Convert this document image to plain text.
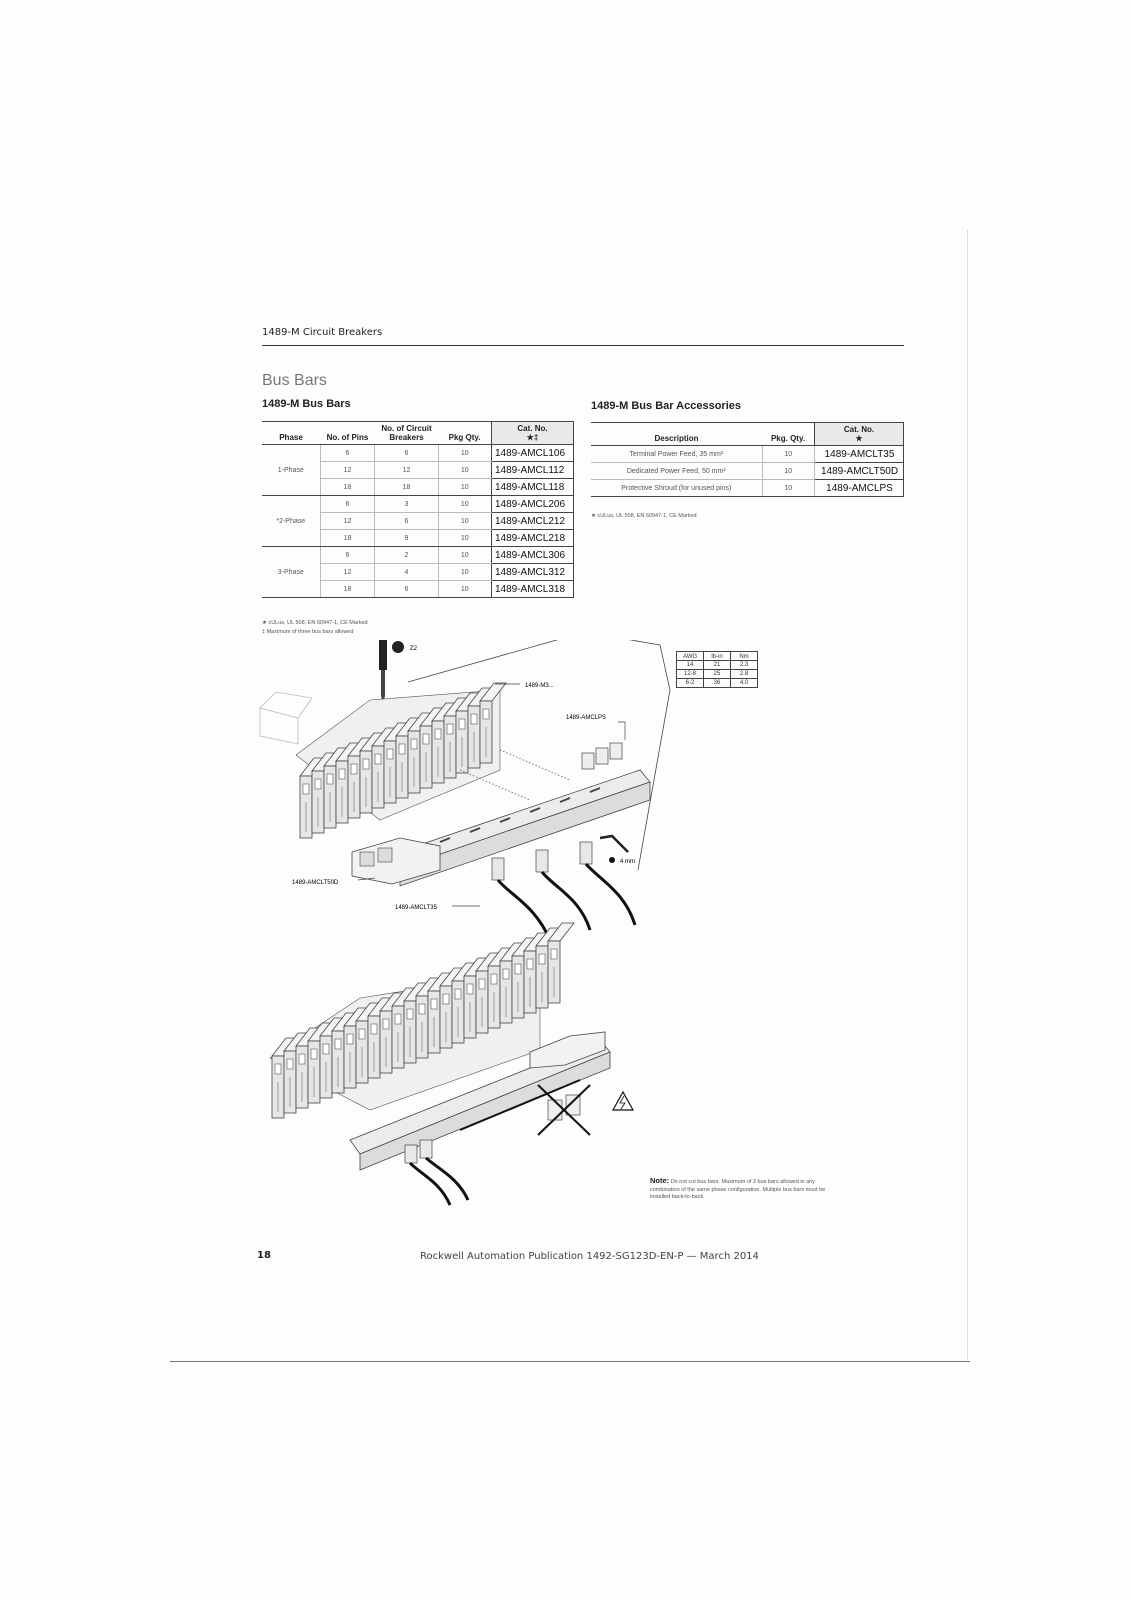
1489-M Circuit Breakers
Bus Bars
1489-M Bus Bars	1489-M Bus Bar Accessories
Phase	No. of Pins	No. of Circuit Breakers	Pkg Qty.	Cat. No.
★‡
1-Phase	6	6	10	1489-AMCL106
	12	12	10	1489-AMCL112
	18	18	10	1489-AMCL118
*2-Phase	6	3	10	1489-AMCL206
	12	6	10	1489-AMCL212
	18	9	10	1489-AMCL218
3-Phase	6	2	10	1489-AMCL306
	12	4	10	1489-AMCL312
	18	6	10	1489-AMCL318
★ cULus, UL 508, EN 60947-1, CE Marked
‡ Maximum of three bus bars allowed
Description	Pkg. Qty.	Cat. No.
★
Terminal Power Feed, 35 mm²	10	1489-AMCLT35
Dedicated Power Feed, 50 mm²	10	1489-AMCLT50D
Protective Shroud (for unused pins)	10	1489-AMCLPS
★ cULus, UL 508, EN 60947-1, CE Marked
Z2
1489-M3...
1489-AMCLPS
1489-AMCLT50D
1489-AMCLT35
4 mm
AWG	lb-in	Nm
14	21	2.3
12-8	25	2.8
6-2	36	4.0
Note: Do not cut bus bars. Maximum of 3 bus bars allowed in any combination of the same phase configuration. Multiple bus bars must be installed back-to-back.
18	Rockwell Automation Publication 1492-SG123D-EN-P — March 2014
